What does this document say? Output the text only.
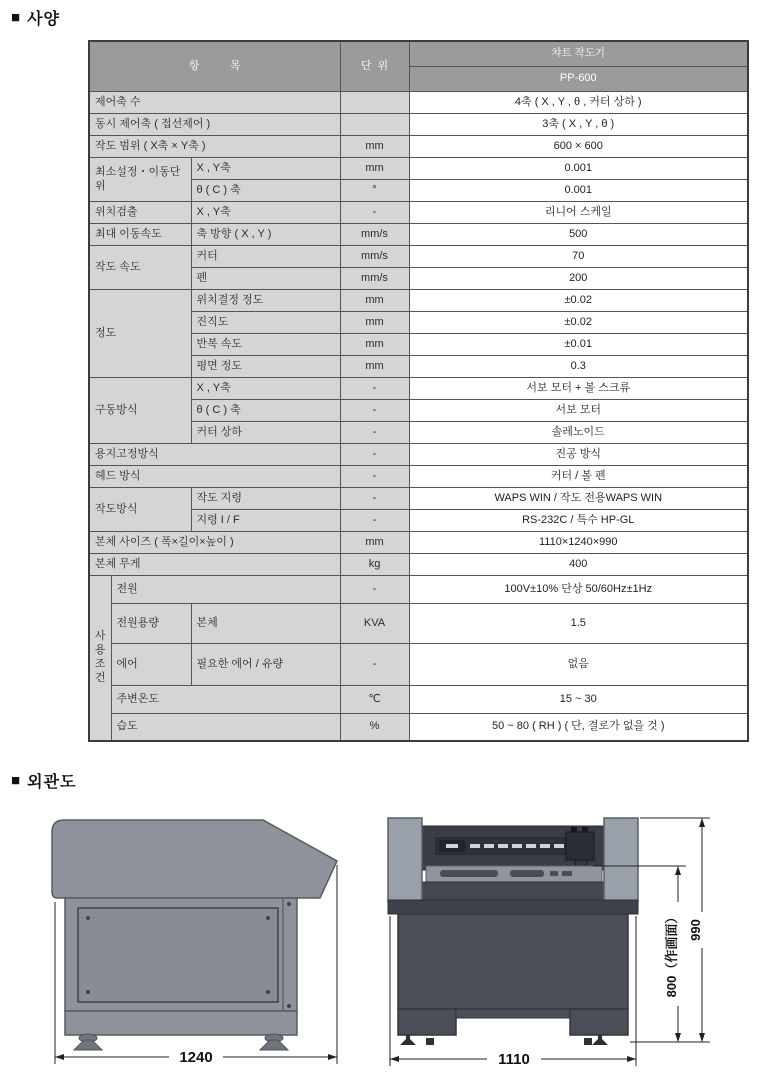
■ 사양
항          목			단  위	챠트 작도기
				PP-600
제어축 수				4축 ( X , Y , θ , 커터 상하 )
동시 제어축 ( 접선제어 )				3축 ( X , Y , θ )
작도 범위 ( X축 × Y축 )			mm	600 × 600
최소설정・이동단위		X , Y축	mm	0.001
		θ ( C ) 축	°	0.001
위치검출		X , Y축	-	리니어 스케일
최대 이동속도		축 방향 ( X , Y )	mm/s	500
작도 속도		커터	mm/s	70
		펜	mm/s	200
정도		위치결정 정도	mm	±0.02
		진직도	mm	±0.02
		반복 속도	mm	±0.01
		평면 정도	mm	0.3
구동방식		X , Y축	-	서보 모터 + 볼 스크류
		θ ( C ) 축	-	서보 모터
		커터 상하	-	솔레노이드
용지고정방식			-	진공 방식
헤드 방식			-	커터 / 볼 펜
작도방식		작도 지령	-	WAPS WIN / 작도 전용WAPS WIN
		지령 I / F	-	RS-232C / 특수 HP-GL
본체 사이즈 ( 폭×길이×높이 )			mm	1110×1240×990
본체 무게			kg	400
사용조건	전원		-	100V±10% 단상 50/60Hz±1Hz
	전원용량	본체	KVA	1.5
	에어	필요한 에어 / 유량	-	없음
	주변온도		℃	15 ~ 30
	습도		%	50 ~ 80 ( RH ) ( 단, 결로가 없을 것 )
■ 외관도
1240	1110
800（作画面） 990
